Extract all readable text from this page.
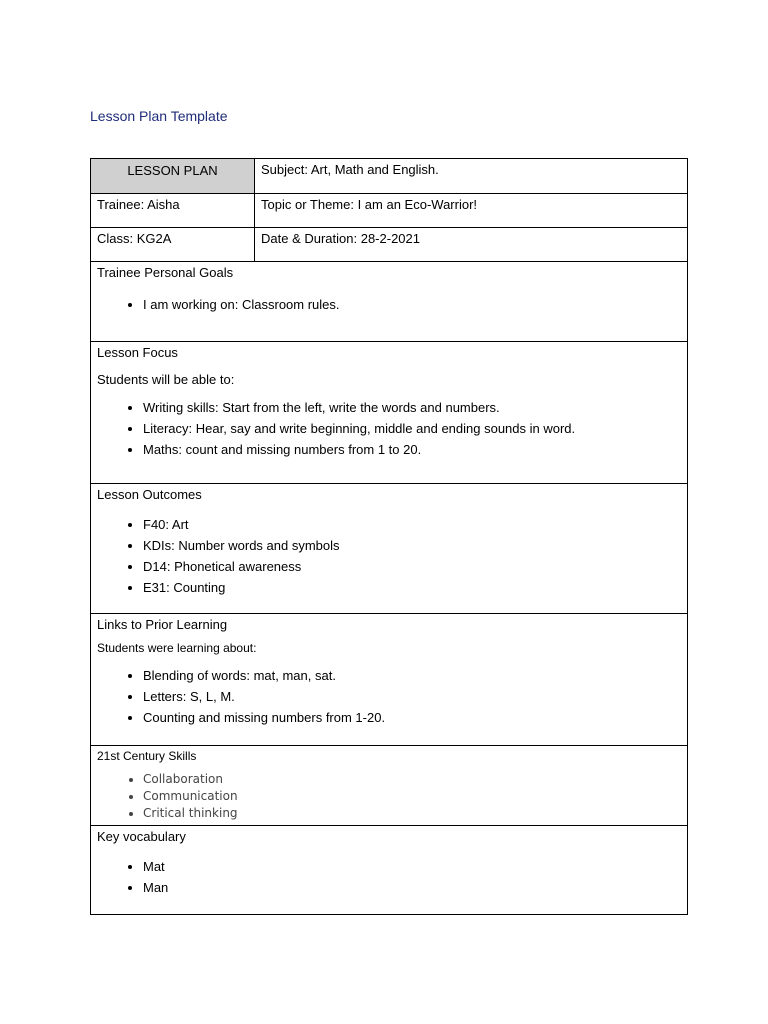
Lesson Plan Template
LESSON PLAN	Subject: Art, Math and English.
Trainee: Aisha	Topic or Theme: I am an Eco-Warrior!
Class: KG2A	Date & Duration: 28-2-2021
Trainee Personal Goals
• I am working on: Classroom rules.
Lesson Focus
Students will be able to:
• Writing skills: Start from the left, write the words and numbers.
• Literacy: Hear, say and write beginning, middle and ending sounds in word.
• Maths: count and missing numbers from 1 to 20.
Lesson Outcomes
• F40: Art
• KDIs: Number words and symbols
• D14: Phonetical awareness
• E31: Counting
Links to Prior Learning
Students were learning about:
• Blending of words: mat, man, sat.
• Letters: S, L, M.
• Counting and missing numbers from 1-20.
21st Century Skills
• Collaboration
• Communication
• Critical thinking
Key vocabulary
• Mat
• Man
